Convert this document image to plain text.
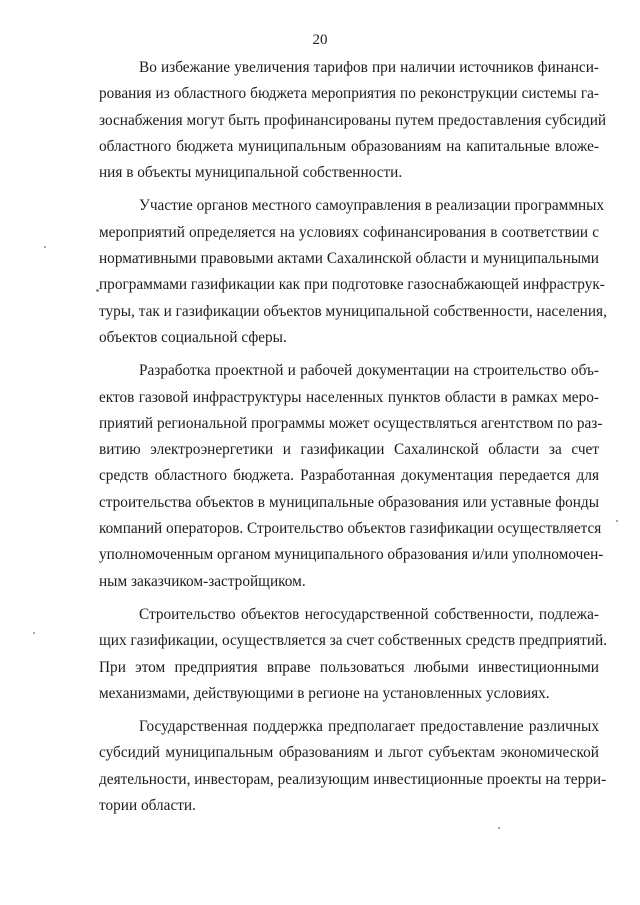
20

Во избежание увеличения тарифов при наличии источников финанси-
рования из областного бюджета мероприятия по реконструкции системы га-
зоснабжения могут быть профинансированы путем предоставления субсидий
областного бюджета муниципальным образованиям на капитальные вложе-
ния в объекты муниципальной собственности.

Участие органов местного самоуправления в реализации программных
мероприятий определяется на условиях софинансирования в соответствии с
нормативными правовыми актами Сахалинской области и муниципальными
программами газификации как при подготовке газоснабжающей инфраструк-
туры, так и газификации объектов муниципальной собственности, населения,
объектов социальной сферы.

Разработка проектной и рабочей документации на строительство объ-
ектов газовой инфраструктуры населенных пунктов области в рамках меро-
приятий региональной программы может осуществляться агентством по раз-
витию электроэнергетики и газификации Сахалинской области за счет
средств областного бюджета. Разработанная документация передается для
строительства объектов в муниципальные образования или уставные фонды
компаний операторов. Строительство объектов газификации осуществляется
уполномоченным органом муниципального образования и/или уполномочен-
ным заказчиком-застройщиком.

Строительство объектов негосударственной собственности, подлежа-
щих газификации, осуществляется за счет собственных средств предприятий.
При этом предприятия вправе пользоваться любыми инвестиционными
механизмами, действующими в регионе на установленных условиях.

Государственная поддержка предполагает предоставление различных
субсидий муниципальным образованиям и льгот субъектам экономической
деятельности, инвесторам, реализующим инвестиционные проекты на терри-
тории области.
